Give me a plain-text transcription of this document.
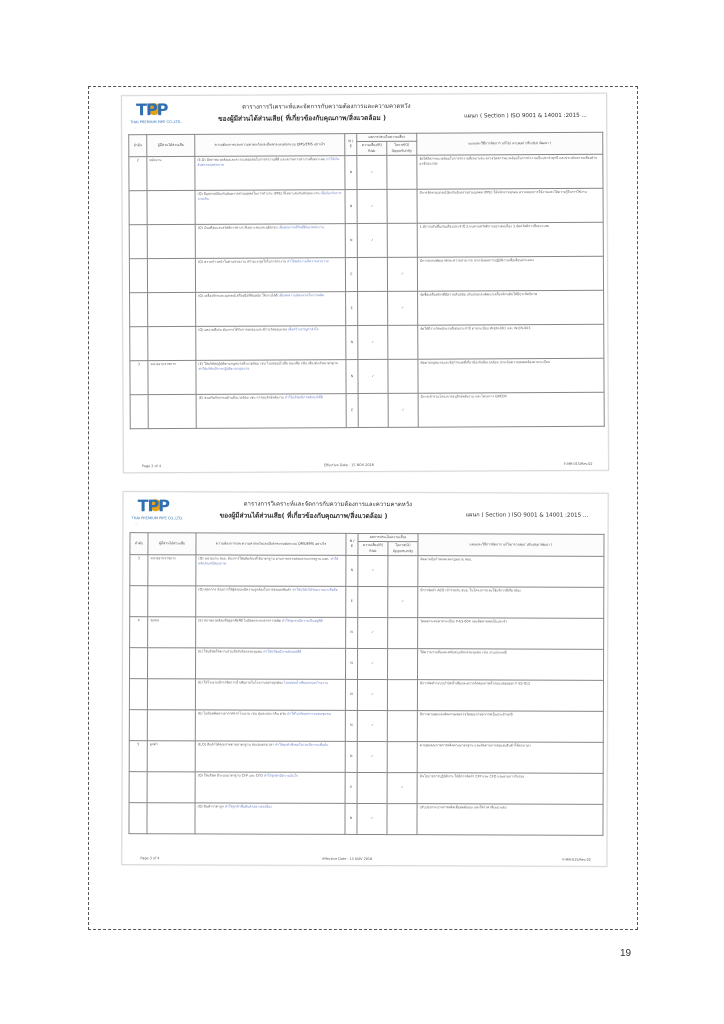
TPP
THAI PREMIUM PIPE CO.,LTD.
...
ตารางการวิเคราะห์และจัดการกับความต้องการและความคาดหวัง
ของผู้มีส่วนได้ส่วนเสีย( ที่เกี่ยวข้องกับคุณภาพ/สิ่งแวดล้อม )	แผนก ( Section ) ISO 9001 & 14001 :2015 ...
ลำดับ	ผู้มีส่วนได้ส่วนเสีย	ความต้องการและความคาดหวังและมีผลกระทบต่อระบบ QMS/EMS อย่างไร	N / E	ผลการประเมินความเสี่ยง		แผนและวิธีการจัดการ แก้ไข/ ควบคุม/ ปรับปรุง/ พัฒนา )
				ความเสี่ยง(R) Risk	โอกาส(O) Opportunity	
2	พนักงาน	(E,Q) มีสภาพแวดล้อมและความปลอดภัยในการทำงานที่ดี และสภาพการทำงานที่เหมาะสม ทำให้เกิดอันตรายต่อสุขภาพ	N	✓		จัดให้มีสภาพแวดล้อมในการทำงานที่เหมาะสม ตรวจวัดสภาพแวดล้อมในการทำงานเป็นประจำทุกปี และประเมินความเสี่ยงด้านอาชีวอนามัย
		(Q) มีอุปกรณ์ป้องกันอันตรายส่วนบุคคลในการทำงาน (PPE) ที่เหมาะสมกับลักษณะงาน เพื่อป้องกันการบาดเจ็บ	N	✓		มีการจัดหาอุปกรณ์ป้องกันอันตรายส่วนบุคคล (PPE) ให้พนักงานทุกคน ตรวจสอบการใช้งานและให้ความรู้ในการใช้งาน
		(Q) เงินเดือนและสวัสดิการต่างๆ ที่เหมาะสมและยุติธรรม เพื่อคุณภาพชีวิตที่ดีของพนักงาน	N	✓		1.มีการปรับขึ้นเงินเดือนประจำปี 2.ทบทวนสวัสดิการอย่างต่อเนื่อง 3.จัดสวัสดิการที่เหมาะสม
		(Q) ความก้าวหน้าในตำแหน่งงาน สร้างแรงจูงใจในการทำงาน ทำให้พนักงานมีความสามารถ	E		✓	มีการอบรมพัฒนาทักษะความสามารถ ประเมินผลการปฏิบัติงานเพื่อเลื่อนตำแหน่ง
		(Q) เครื่องจักรและอุปกรณ์เครื่องมือที่ทันสมัย ใช้งานได้ดี เพื่อลดความผิดพลาดในการผลิต	E		✓	จัดซื้อเครื่องจักรที่มีความทันสมัย ปรับปรุงและพัฒนาเครื่องจักรเดิมให้มีประสิทธิภาพ
		(Q) ผลงานดีเด่น ต้องการได้รับการยกย่องและมีรางวัลตอบแทน เพื่อสร้างขวัญกำลังใจ	N	✓		จัดให้มีรางวัลพนักงานดีเด่นประจำปี ตามระเบียบ W-EN-001 และ W-EN-003
3	หน่วยงานราชการ	(E) ให้บริษัทปฏิบัติตามกฎหมายสิ่งแวดล้อม เช่น ไม่ปล่อยน้ำเสีย ของเสีย กลิ่น เสียงดังเกินมาตรฐาน ทำให้บริษัทมีการปฏิบัติตามกฎหมาย	N	✓		ติดตามกฎหมายและข้อกำหนดที่เกี่ยวข้องกับสิ่งแวดล้อม ประเมินความสอดคล้องตามระเบียบ
		(E) ส่งเสริมกิจกรรมด้านสิ่งแวดล้อม เช่น การอนุรักษ์พลังงาน ทำให้บริษัทมีภาพลักษณ์ที่ดี	E		✓	มีการเข้าร่วมโครงการอนุรักษ์พลังงาน และโครงการ GREEN
Page 2 of 4	Effective Date : 15 NOV 2018	F-MR-015/Rev.02
TPP
THAI PREMIUM PIPE CO.,LTD.
...
ตารางการวิเคราะห์และจัดการกับความต้องการและความคาดหวัง
ของผู้มีส่วนได้ส่วนเสีย( ที่เกี่ยวข้องกับคุณภาพ/สิ่งแวดล้อม )	แผนก ( Section ) ISO 9001 & 14001 :2015 ...
ลำดับ	ผู้มีส่วนได้ส่วนเสีย	ความต้องการและความคาดหวังและมีผลกระทบต่อระบบ QMS/EMS อย่างไร	N / E	ผลการประเมินความเสี่ยง		แผนและวิธีการจัดการ แก้ไข/ ควบคุม/ ปรับปรุง/ พัฒนา )
				ความเสี่ยง(R) Risk	โอกาส(O) Opportunity	
3	หน่วยงานราชการ	(Q) หน่วยงาน สมอ. ต้องการให้ผลิตภัณฑ์ได้มาตรฐาน ผ่านการตรวจสอบตามมาตรฐาน มอก. ทำให้ผลิตภัณฑ์มีคุณภาพ	N	✓		ติดตามข้อกำหนดและกฎหมาย สมอ.
		(Q) ศุลกากร ต้องการให้ผู้ส่งออกมีความถูกต้องในการส่งออกสินค้า ทำให้บริษัทได้รับความน่าเชื่อถือ	E		✓	มีการจัดทำ AEO เข้าร่วมกับ สมอ. ในโครงการและใช้บริการที่เกี่ยวข้อง
4	ชุมชน	(E) สภาพแวดล้อมที่อยู่อาศัยที่ดี ไม่มีผลกระทบจากการผลิต ทำให้ชุมชนมีความเป็นอยู่ที่ดี	N	✓		วัดผลกระทบตามระเบียบ P-ES-004 และติดตามผลเป็นประจำ
		(E) ให้บริษัทให้ความร่วมมือกับกิจกรรมชุมชน ทำให้บริษัทมีภาพลักษณ์ที่ดี	N	✓		ให้ความร่วมมือและสนับสนุนกิจกรรมชุมชน เช่น งานประเพณี
		(E) ให้โรงงานมีการจัดการน้ำเสียภายในโรงงานอย่างถูกต้อง ไม่ปล่อยน้ำเสียออกนอกโรงงาน	N	✓		มีการจัดทำระบบบำบัดน้ำเสียและตรวจวัดคุณภาพน้ำก่อนปล่อยออก F-ES-012
		(E) ไม่มีมลพิษทางอากาศจากโรงงาน เช่น ฝุ่นละออง กลิ่น ควัน ทำให้ไม่เกิดผลกระทบต่อชุมชน	N	✓		มีการควบคุมและติดตามผลตรวจวัดคุณภาพอากาศเป็นประจำทุกปี
5	ลูกค้า	(E,Q) สินค้าได้คุณภาพตามมาตรฐาน ส่งมอบตรงเวลา ทำให้ลูกค้าพึงพอใจและมีความเชื่อมั่น	N	✓		ควบคุมคุณภาพการผลิตตามมาตรฐาน และติดตามการส่งมอบสินค้าให้ตรงเวลา
		(Q) ให้บริษัท มีระบบมาตรฐาน CFP และ CFO ทำให้ลูกค้ามีความมั่นใจ	E		✓	มีนโยบายการปฏิบัติงาน ให้มีการจัดทำ CFP และ CFO และผ่านการรับรอง
		(Q) สินค้าราคาถูก ทำให้ลูกค้าซื้อสินค้าอย่างต่อเนื่อง	N	✓		ปรับปรุงกระบวนการผลิตเพื่อลดต้นทุน และให้ราคาที่เหมาะสม
Page 3 of 4	Effective Date : 15 NOV 2018	F-MR-015/Rev.02
19
